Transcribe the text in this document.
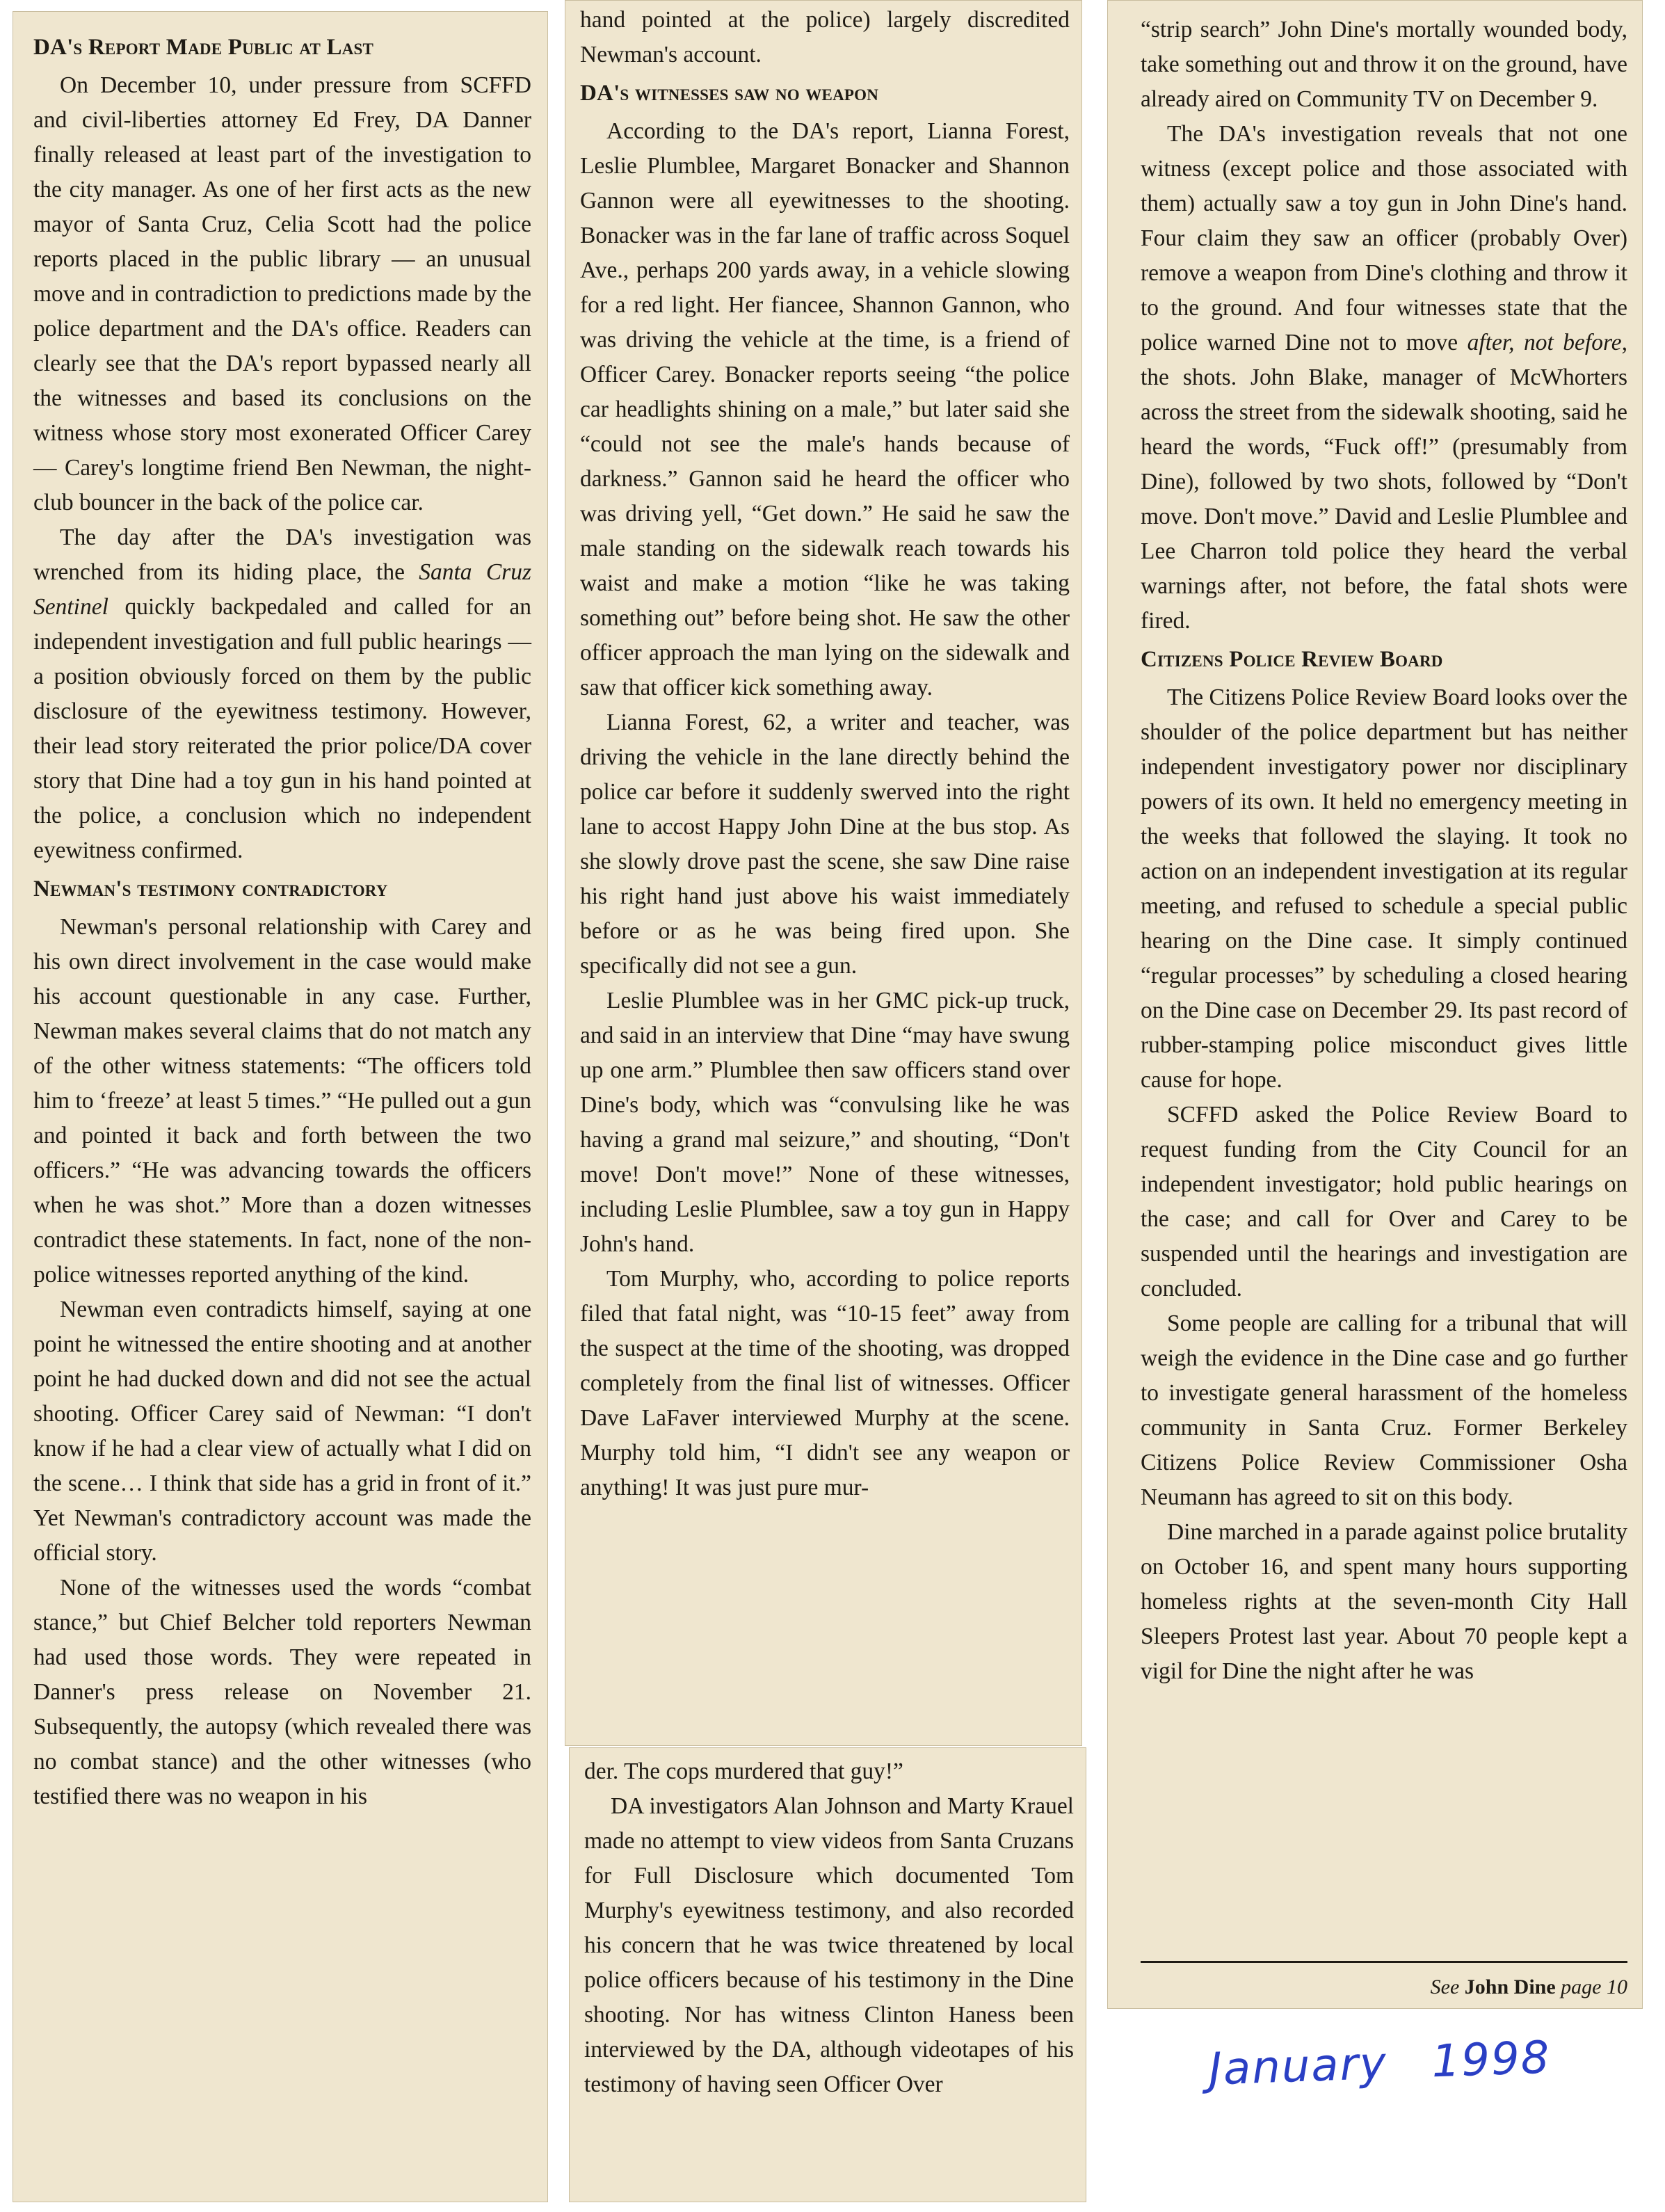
DA's Report Made Public at Last

On December 10, under pressure from SCFFD and civil-liberties attorney Ed Frey, DA Danner finally released at least part of the investigation to the city manager. As one of her first acts as the new mayor of Santa Cruz, Celia Scott had the police reports placed in the public library — an unusual move and in contradiction to predictions made by the police department and the DA's office. Readers can clearly see that the DA's report bypassed nearly all the witnesses and based its conclusions on the witness whose story most exonerated Officer Carey — Carey's longtime friend Ben Newman, the night-club bouncer in the back of the police car.

The day after the DA's investigation was wrenched from its hiding place, the Santa Cruz Sentinel quickly backpedaled and called for an independent investigation and full public hearings — a position obviously forced on them by the public disclosure of the eyewitness testimony. However, their lead story reiterated the prior police/DA cover story that Dine had a toy gun in his hand pointed at the police, a conclusion which no independent eyewitness confirmed.

Newman's testimony contradictory

Newman's personal relationship with Carey and his own direct involvement in the case would make his account questionable in any case. Further, Newman makes several claims that do not match any of the other witness statements: “The officers told him to ‘freeze’ at least 5 times.” “He pulled out a gun and pointed it back and forth between the two officers.” “He was advancing towards the officers when he was shot.” More than a dozen witnesses contradict these statements. In fact, none of the non-police witnesses reported anything of the kind.

Newman even contradicts himself, saying at one point he witnessed the entire shooting and at another point he had ducked down and did not see the actual shooting. Officer Carey said of Newman: “I don't know if he had a clear view of actually what I did on the scene… I think that side has a grid in front of it.” Yet Newman's contradictory account was made the official story.

None of the witnesses used the words “combat stance,” but Chief Belcher told reporters Newman had used those words. They were repeated in Danner's press release on November 21. Subsequently, the autopsy (which revealed there was no combat stance) and the other witnesses (who testified there was no weapon in his

hand pointed at the police) largely discredited Newman's account.

DA's witnesses saw no weapon

According to the DA's report, Lianna Forest, Leslie Plumblee, Margaret Bonacker and Shannon Gannon were all eyewitnesses to the shooting. Bonacker was in the far lane of traffic across Soquel Ave., perhaps 200 yards away, in a vehicle slowing for a red light. Her fiancee, Shannon Gannon, who was driving the vehicle at the time, is a friend of Officer Carey. Bonacker reports seeing “the police car headlights shining on a male,” but later said she “could not see the male's hands because of darkness.” Gannon said he heard the officer who was driving yell, “Get down.” He said he saw the male standing on the sidewalk reach towards his waist and make a motion “like he was taking something out” before being shot. He saw the other officer approach the man lying on the sidewalk and saw that officer kick something away.

Lianna Forest, 62, a writer and teacher, was driving the vehicle in the lane directly behind the police car before it suddenly swerved into the right lane to accost Happy John Dine at the bus stop. As she slowly drove past the scene, she saw Dine raise his right hand just above his waist immediately before or as he was being fired upon. She specifically did not see a gun.

Leslie Plumblee was in her GMC pick-up truck, and said in an interview that Dine “may have swung up one arm.” Plumblee then saw officers stand over Dine's body, which was “convulsing like he was having a grand mal seizure,” and shouting, “Don't move! Don't move!” None of these witnesses, including Leslie Plumblee, saw a toy gun in Happy John's hand.

Tom Murphy, who, according to police reports filed that fatal night, was “10-15 feet” away from the suspect at the time of the shooting, was dropped completely from the final list of witnesses. Officer Dave LaFaver interviewed Murphy at the scene. Murphy told him, “I didn't see any weapon or anything! It was just pure mur-

der. The cops murdered that guy!”

DA investigators Alan Johnson and Marty Krauel made no attempt to view videos from Santa Cruzans for Full Disclosure which documented Tom Murphy's eyewitness testimony, and also recorded his concern that he was twice threatened by local police officers because of his testimony in the Dine shooting. Nor has witness Clinton Haness been interviewed by the DA, although videotapes of his testimony of having seen Officer Over

“strip search” John Dine's mortally wounded body, take something out and throw it on the ground, have already aired on Community TV on December 9.

The DA's investigation reveals that not one witness (except police and those associated with them) actually saw a toy gun in John Dine's hand. Four claim they saw an officer (probably Over) remove a weapon from Dine's clothing and throw it to the ground. And four witnesses state that the police warned Dine not to move after, not before, the shots. John Blake, manager of McWhorters across the street from the sidewalk shooting, said he heard the words, “Fuck off!” (presumably from Dine), followed by two shots, followed by “Don't move. Don't move.” David and Leslie Plumblee and Lee Charron told police they heard the verbal warnings after, not before, the fatal shots were fired.

Citizens Police Review Board

The Citizens Police Review Board looks over the shoulder of the police department but has neither independent investigatory power nor disciplinary powers of its own. It held no emergency meeting in the weeks that followed the slaying. It took no action on an independent investigation at its regular meeting, and refused to schedule a special public hearing on the Dine case. It simply continued “regular processes” by scheduling a closed hearing on the Dine case on December 29. Its past record of rubber-stamping police misconduct gives little cause for hope.

SCFFD asked the Police Review Board to request funding from the City Council for an independent investigator; hold public hearings on the case; and call for Over and Carey to be suspended until the hearings and investigation are concluded.

Some people are calling for a tribunal that will weigh the evidence in the Dine case and go further to investigate general harassment of the homeless community in Santa Cruz. Former Berkeley Citizens Police Review Commissioner Osha Neumann has agreed to sit on this body.

Dine marched in a parade against police brutality on October 16, and spent many hours supporting homeless rights at the seven-month City Hall Sleepers Protest last year. About 70 people kept a vigil for Dine the night after he was

See John Dine page 10
January 1998
